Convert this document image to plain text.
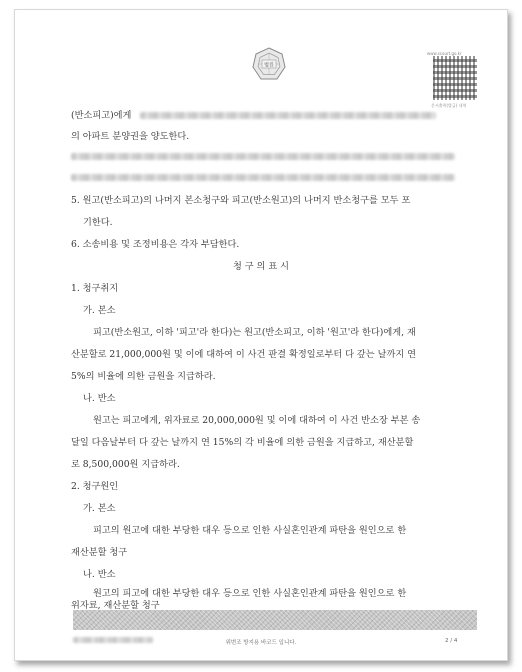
법원
www.scourt.go.kr
문서출력(발급) 내역
(반소피고)에게
의 아파트 분양권을 양도한다.
5. 원고(반소피고)의 나머지 본소청구와 피고(반소원고)의 나머지 반소청구를 모두 포
기한다.
6. 소송비용 및 조정비용은 각자 부담한다.
청 구 의 표 시
1. 청구취지
가. 본소
피고(반소원고, 이하 '피고'라 한다)는 원고(반소피고, 이하 '원고'라 한다)에게, 재
산분할로 21,000,000원 및 이에 대하여 이 사건 판결 확정일로부터 다 갚는 날까지 연
5%의 비율에 의한 금원을 지급하라.
나. 반소
원고는 피고에게, 위자료로 20,000,000원 및 이에 대하여 이 사건 반소장 부본 송
달일 다음날부터 다 갚는 날까지 연 15%의 각 비율에 의한 금원을 지급하고, 재산분할
로 8,500,000원 지급하라.
2. 청구원인
가. 본소
피고의 원고에 대한 부당한 대우 등으로 인한 사실혼인관계 파탄을 원인으로 한
재산분할 청구
나. 반소
위변조 방지용 바코드 입니다.	2 / 4
원고의 피고에 대한 부당한 대우 등으로 인한 사실혼인관계 파탄을 원인으로 한
위자료, 재산분할 청구
